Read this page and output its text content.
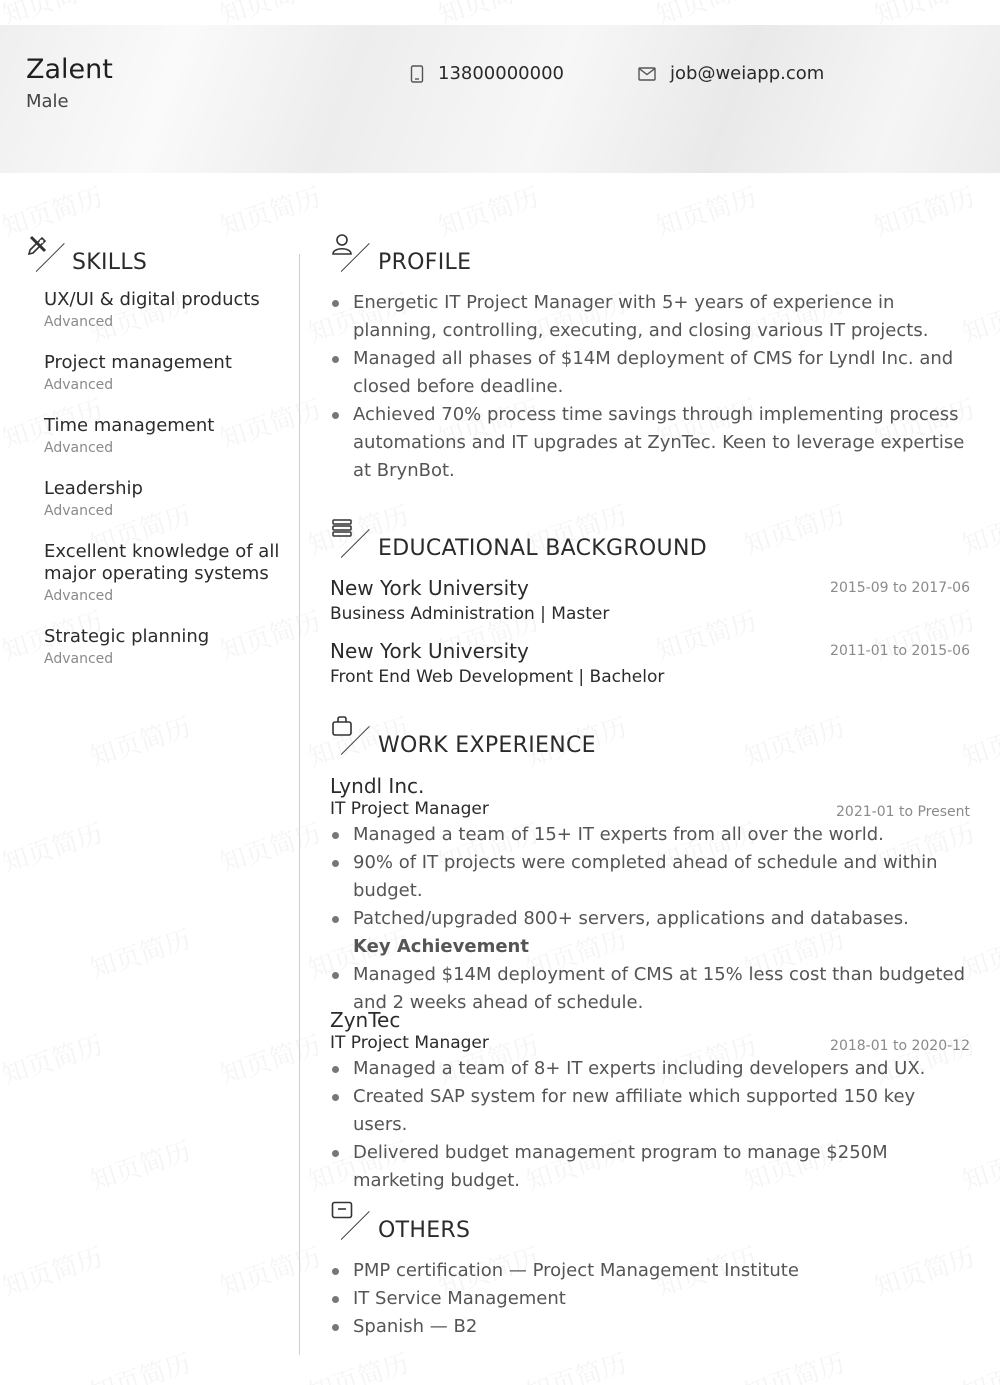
Zalent
Male
13800000000	job@weiapp.com
SKILLS
UX/UI & digital products
Advanced
Project management
Advanced
Time management
Advanced
Leadership
Advanced
Excellent knowledge of all major operating systems
Advanced
Strategic planning
Advanced
PROFILE
Energetic IT Project Manager with 5+ years of experience in planning, controlling, executing, and closing various IT projects.
Managed all phases of $14M deployment of CMS for Lyndl Inc. and closed before deadline.
Achieved 70% process time savings through implementing process automations and IT upgrades at ZynTec. Keen to leverage expertise at BrynBot.
EDUCATIONAL BACKGROUND
New York University	2015-09 to 2017-06
Business Administration | Master
New York University	2011-01 to 2015-06
Front End Web Development | Bachelor
WORK EXPERIENCE
Lyndl Inc.
IT Project Manager	2021-01 to Present
Managed a team of 15+ IT experts from all over the world.
90% of IT projects were completed ahead of schedule and within budget.
Patched/upgraded 800+ servers, applications and databases.
Key Achievement
Managed $14M deployment of CMS at 15% less cost than budgeted and 2 weeks ahead of schedule.
ZynTec
IT Project Manager	2018-01 to 2020-12
Managed a team of 8+ IT experts including developers and UX.
Created SAP system for new affiliate which supported 150 key users.
Delivered budget management program to manage $250M marketing budget.
OTHERS
PMP certification — Project Management Institute
IT Service Management
Spanish — B2
